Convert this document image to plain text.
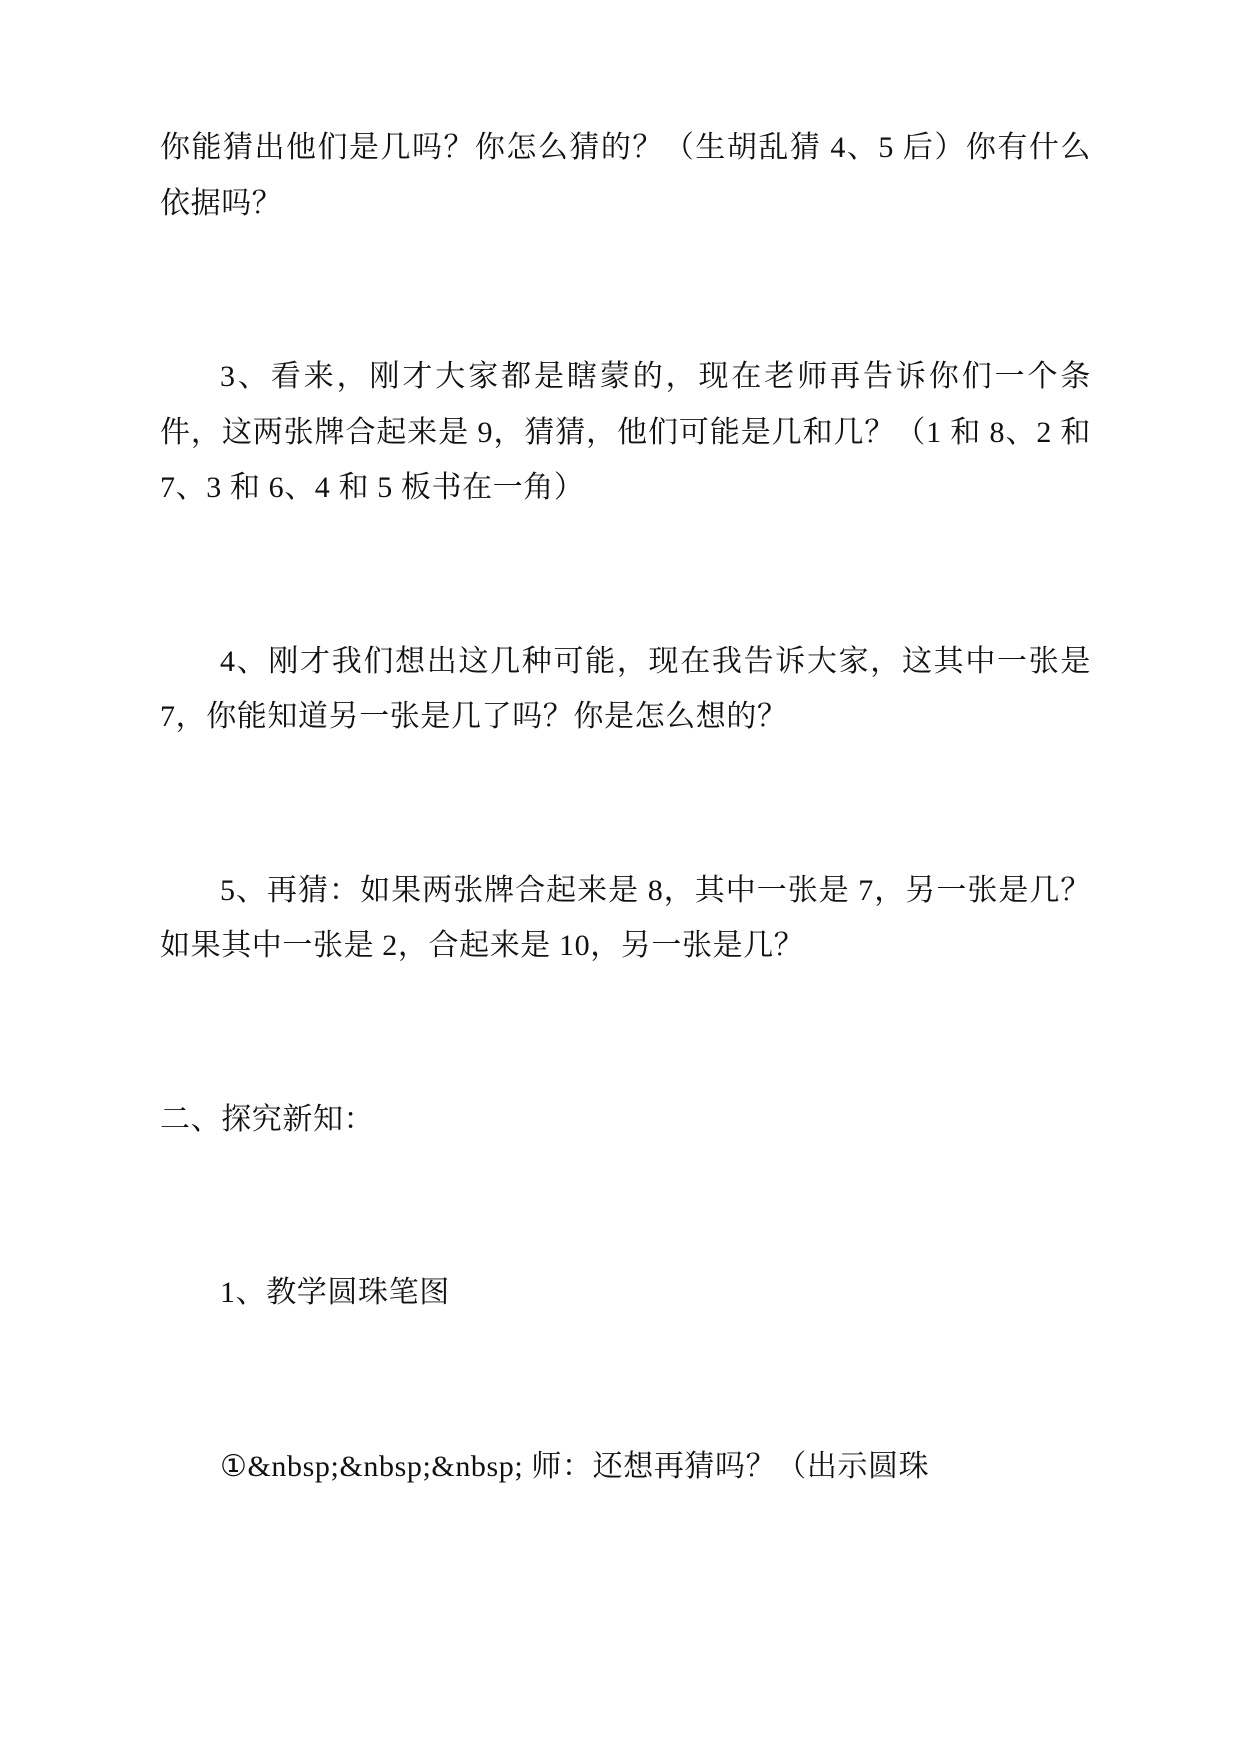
你能猜出他们是几吗？你怎么猜的？（生胡乱猜 4、5 后）你有什么依据吗？

3、看来，刚才大家都是瞎蒙的，现在老师再告诉你们一个条件，这两张牌合起来是 9，猜猜，他们可能是几和几？（1 和 8、2 和 7、3 和 6、4 和 5 板书在一角）

4、刚才我们想出这几种可能，现在我告诉大家，这其中一张是 7，你能知道另一张是几了吗？你是怎么想的？

5、再猜：如果两张牌合起来是 8，其中一张是 7，另一张是几？如果其中一张是 2，合起来是 10，另一张是几？

二、探究新知：

1、教学圆珠笔图

①&nbsp;&nbsp;&nbsp; 师：还想再猜吗？（出示圆珠
